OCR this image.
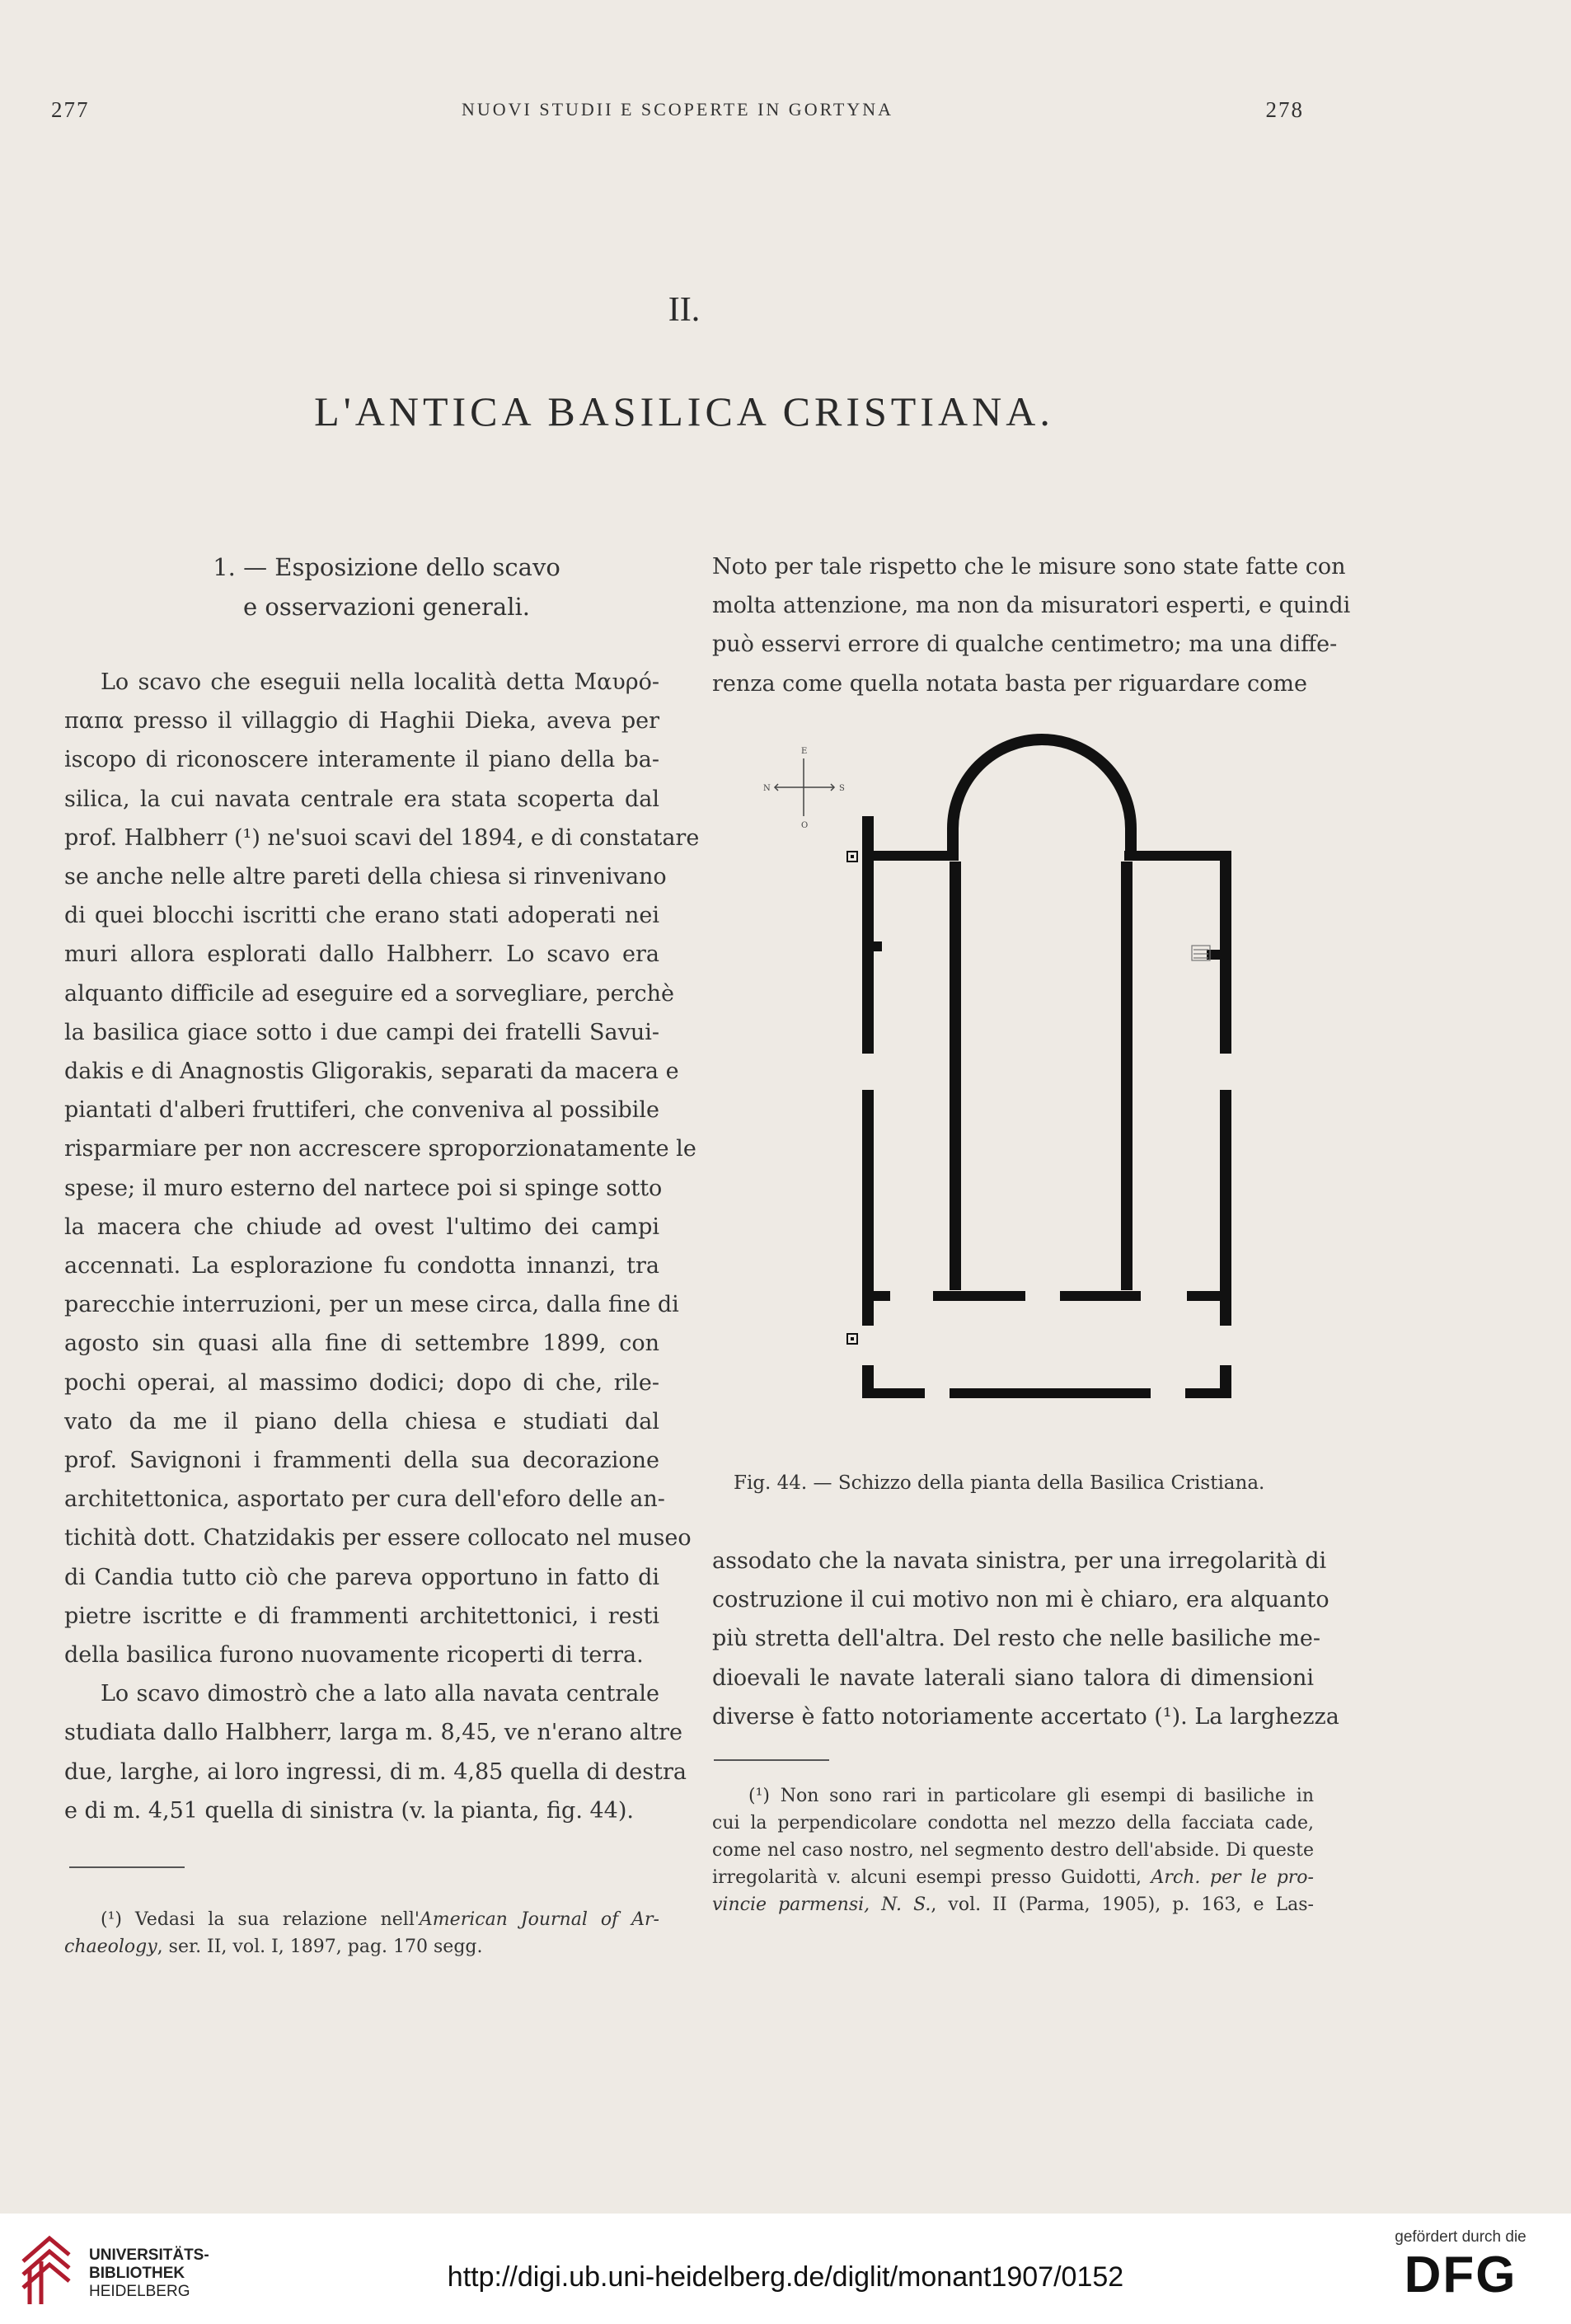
277	NUOVI STUDII E SCOPERTE IN GORTYNA	278
II.
L'ANTICA BASILICA CRISTIANA.
1. — Esposizione dello scavo
e osservazioni generali.
Lo scavo che eseguii nella località detta Μαυρό-
παπα presso il villaggio di Haghii Dieka, aveva per
iscopo di riconoscere interamente il piano della ba-
silica, la cui navata centrale era stata scoperta dal
prof. Halbherr (¹) ne'suoi scavi del 1894, e di constatare
se anche nelle altre pareti della chiesa si rinvenivano
di quei blocchi iscritti che erano stati adoperati nei
muri allora esplorati dallo Halbherr. Lo scavo era
alquanto difficile ad eseguire ed a sorvegliare, perchè
la basilica giace sotto i due campi dei fratelli Savui-
dakis e di Anagnostis Gligorakis, separati da macera e
piantati d'alberi fruttiferi, che conveniva al possibile
risparmiare per non accrescere sproporzionatamente le
spese; il muro esterno del nartece poi si spinge sotto
la macera che chiude ad ovest l'ultimo dei campi
accennati. La esplorazione fu condotta innanzi, tra
parecchie interruzioni, per un mese circa, dalla fine di
agosto sin quasi alla fine di settembre 1899, con
pochi operai, al massimo dodici; dopo di che, rile-
vato da me il piano della chiesa e studiati dal
prof. Savignoni i frammenti della sua decorazione
architettonica, asportato per cura dell'eforo delle an-
tichità dott. Chatzidakis per essere collocato nel museo
di Candia tutto ciò che pareva opportuno in fatto di
pietre iscritte e di frammenti architettonici, i resti
della basilica furono nuovamente ricoperti di terra.
Lo scavo dimostrò che a lato alla navata centrale
studiata dallo Halbherr, larga m. 8,45, ve n'erano altre
due, larghe, ai loro ingressi, di m. 4,85 quella di destra
e di m. 4,51 quella di sinistra (v. la pianta, fig. 44).
(¹) Vedasi la sua relazione nell'American Journal of Ar-
chaeology, ser. II, vol. I, 1897, pag. 170 segg.
Noto per tale rispetto che le misure sono state fatte con
molta attenzione, ma non da misuratori esperti, e quindi
può esservi errore di qualche centimetro; ma una diffe-
renza come quella notata basta per riguardare come
E
N	S
O
Fig. 44. — Schizzo della pianta della Basilica Cristiana.
assodato che la navata sinistra, per una irregolarità di
costruzione il cui motivo non mi è chiaro, era alquanto
più stretta dell'altra. Del resto che nelle basiliche me-
dioevali le navate laterali siano talora di dimensioni
diverse è fatto notoriamente accertato (¹). La larghezza
(¹) Non sono rari in particolare gli esempi di basiliche in
cui la perpendicolare condotta nel mezzo della facciata cade,
come nel caso nostro, nel segmento destro dell'abside. Di queste
irregolarità v. alcuni esempi presso Guidotti, Arch. per le pro-
vincie parmensi, N. S., vol. II (Parma, 1905), p. 163, e Las-
UNIVERSITÄTS-
BIBLIOTHEK
HEIDELBERG	http://digi.ub.uni-heidelberg.de/diglit/monant1907/0152
gefördert durch die
DFG
